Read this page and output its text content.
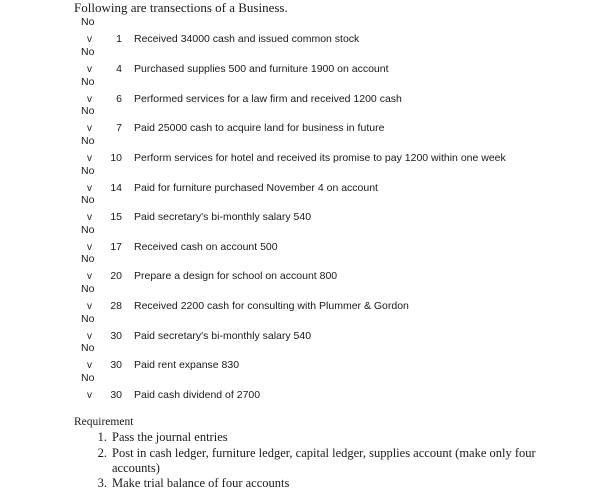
Following are transections of a Business.
No
v	1 Received 34000 cash and issued common stock
No
v	4 Purchased supplies 500 and furniture 1900 on account
No
v	6 Performed services for a law firm and received 1200 cash
No
v	7 Paid 25000 cash to acquire land for business in future
No
v	10 Perform services for hotel and received its promise to pay 1200 within one week
No
v	14 Paid for furniture purchased November 4 on account
No
v	15 Paid secretary's bi-monthly salary 540
No
v	17 Received cash on account 500
No
v	20 Prepare a design for school on account 800
No
v	28 Received 2200 cash for consulting with Plummer & Gordon
No
v	30 Paid secretary's bi-monthly salary 540
No
v	30 Paid rent expanse 830
No
v	30 Paid cash dividend of 2700
Requirement
1. Pass the journal entries
2. Post in cash ledger, furniture ledger, capital ledger, supplies account (make only four accounts)
3. Make trial balance of four accounts
